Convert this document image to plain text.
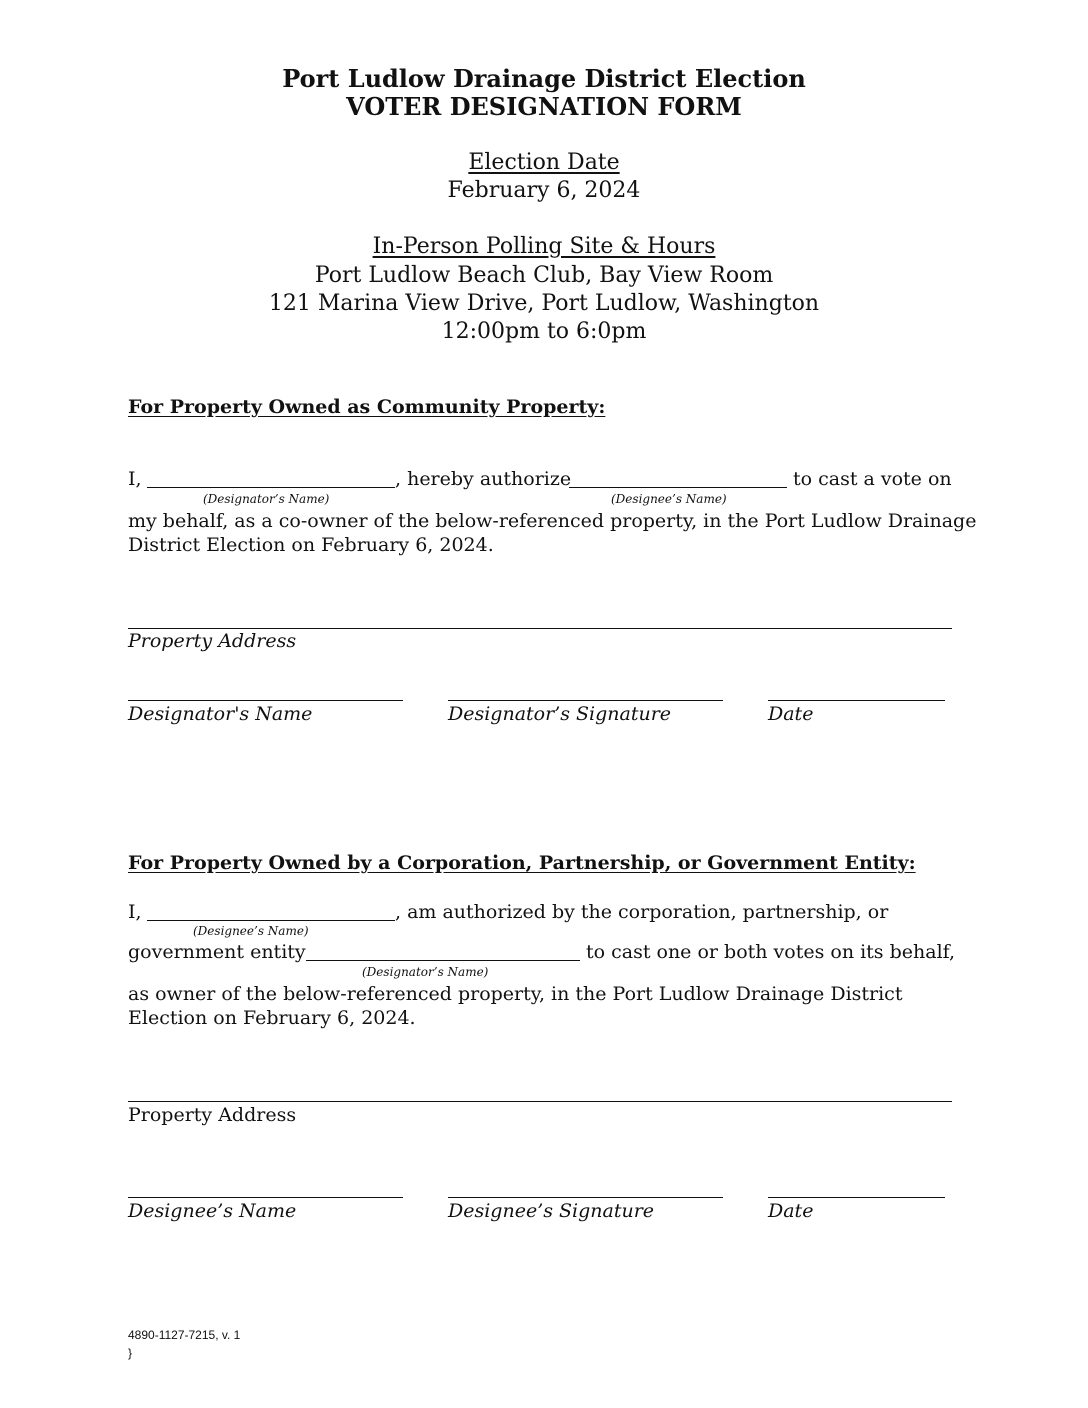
Port Ludlow Drainage District Election
VOTER DESIGNATION FORM
Election Date
February 6, 2024
In-Person Polling Site & Hours
Port Ludlow Beach Club, Bay View Room
121 Marina View Drive, Port Ludlow, Washington
12:00pm to 6:0pm
For Property Owned as Community Property:
I,	, hereby authorize	to cast a vote on
(Designator’s Name)	(Designee’s Name)
my behalf, as a co-owner of the below-referenced property, in the Port Ludlow Drainage
District Election on February 6, 2024.
Property Address
Designator's Name	Designator’s Signature	Date
For Property Owned by a Corporation, Partnership, or Government Entity:
I,	, am authorized by the corporation, partnership, or
(Designee’s Name)
government entity	to cast one or both votes on its behalf,
(Designator’s Name)
as owner of the below-referenced property, in the Port Ludlow Drainage District
Election on February 6, 2024.
Property Address
Designee’s Name	Designee’s Signature	Date
4890-1127-7215, v. 1
}
